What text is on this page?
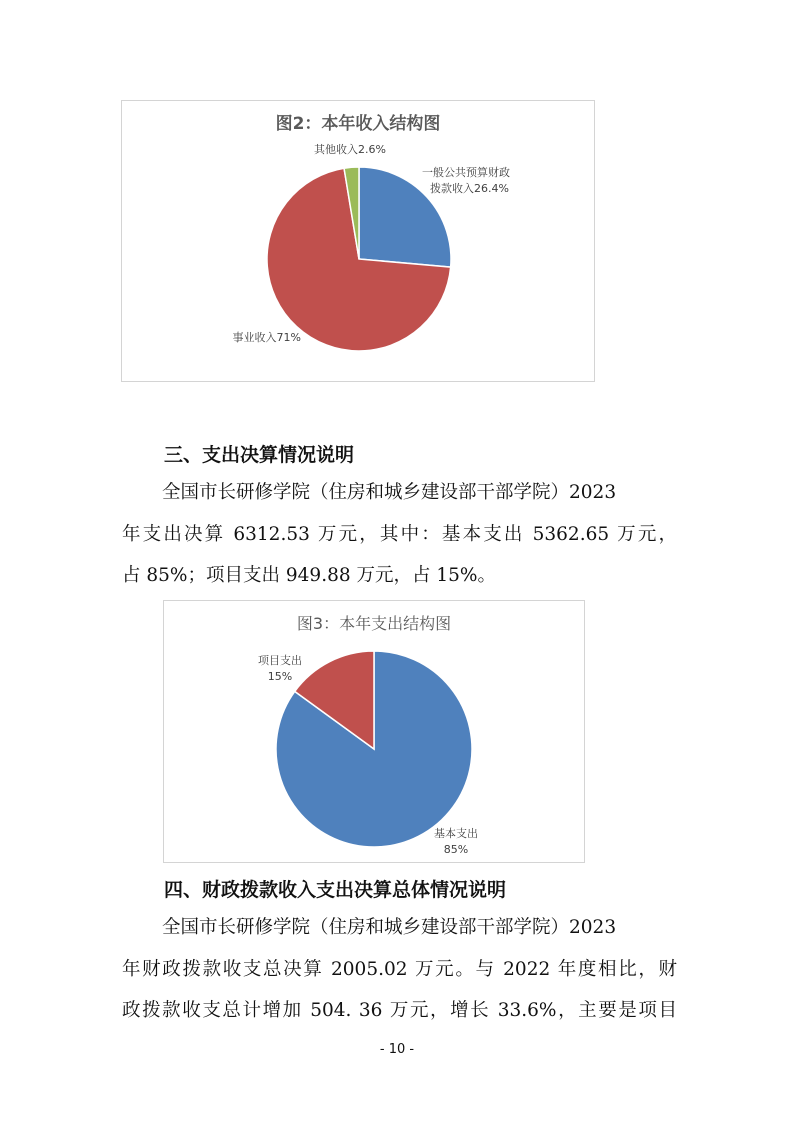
图2：本年收入结构图
一般公共预算财政
拨款收入26.4%
事业收入71%
其他收入2.6%
三、支出决算情况说明
全国市长研修学院（住房和城乡建设部干部学院）2023
年支出决算 6312.53 万元，其中：基本支出 5362.65 万元，
占 85%；项目支出 949.88 万元，占 15%。
图3：本年支出结构图
项目支出
15%
基本支出
85%
四、财政拨款收入支出决算总体情况说明
全国市长研修学院（住房和城乡建设部干部学院）2023
年财政拨款收支总决算 2005.02 万元。与 2022 年度相比，财
政拨款收支总计增加 504. 36 万元，增长 33.6%，主要是项目
- 10 -
